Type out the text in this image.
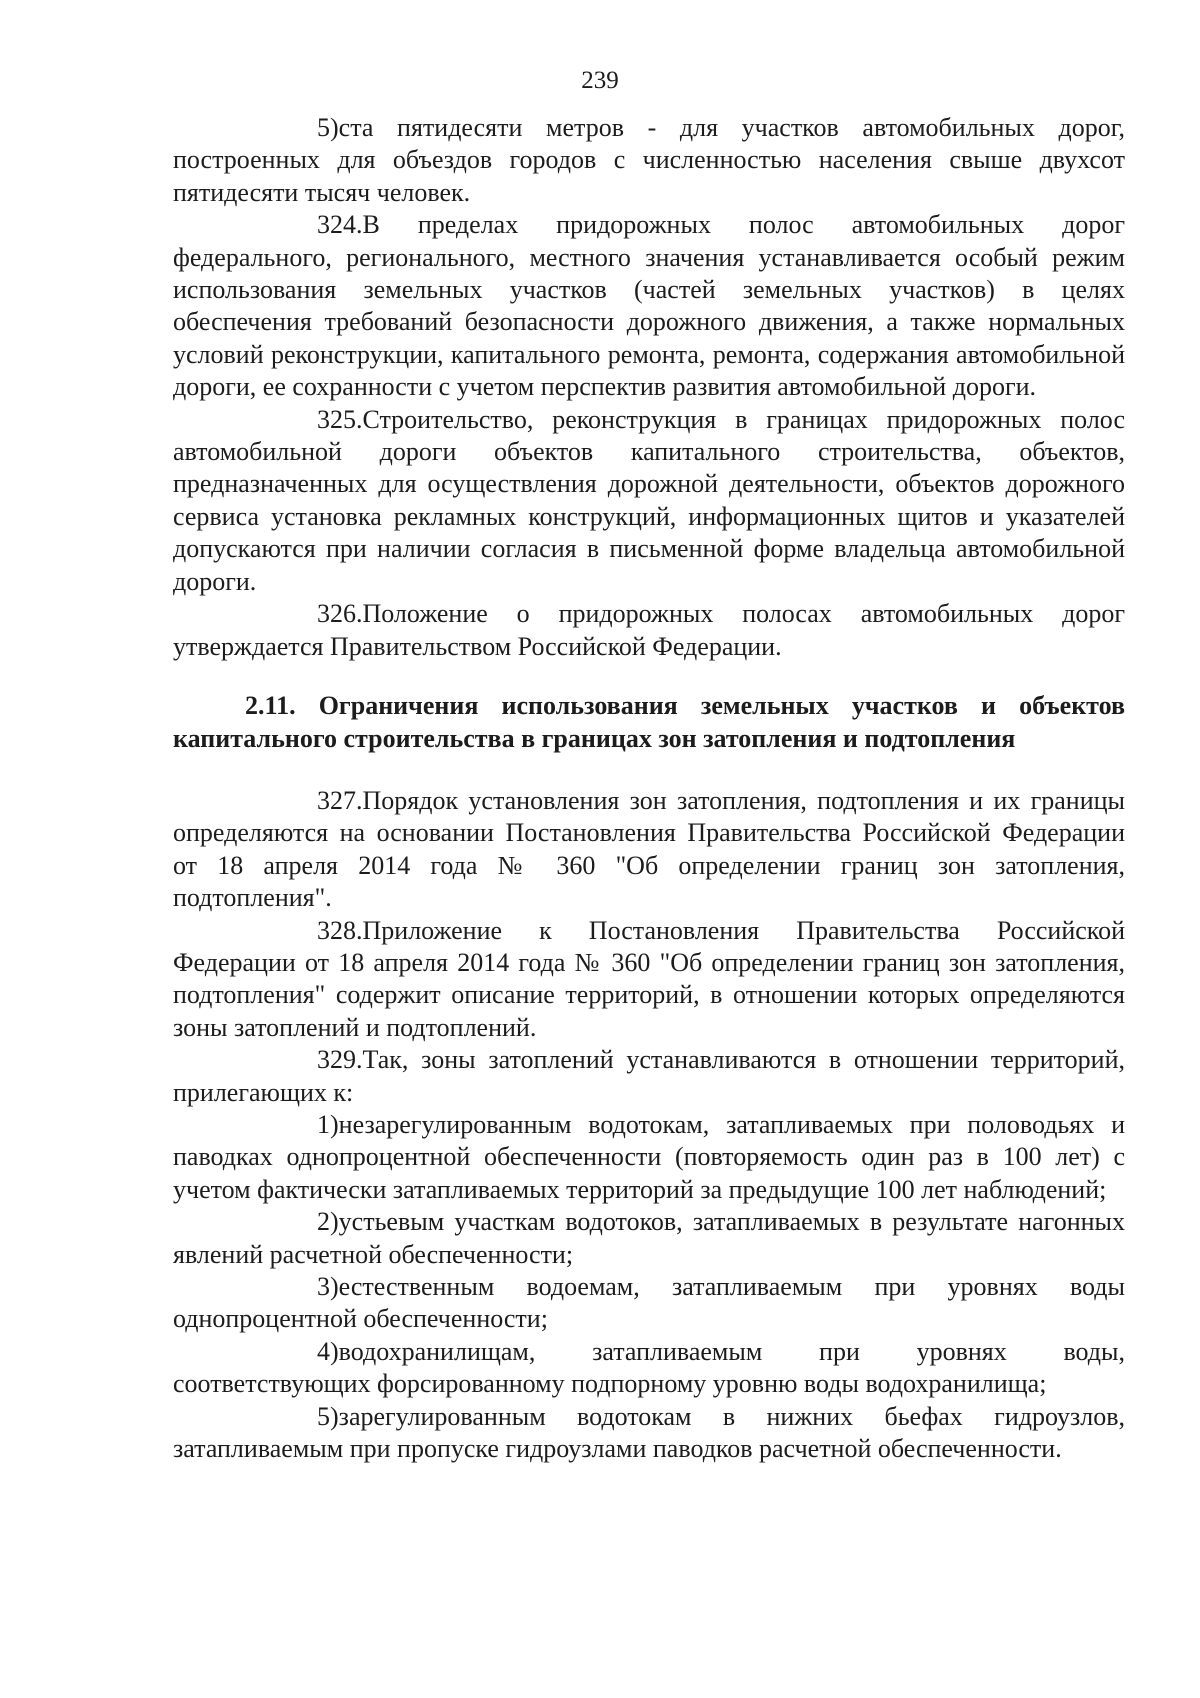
239

5)ста пятидесяти метров - для участков автомобильных дорог, построенных для объездов городов с численностью населения свыше двухсот пятидесяти тысяч человек.

324.В пределах придорожных полос автомобильных дорог федерального, регионального, местного значения устанавливается особый режим использования земельных участков (частей земельных участков) в целях обеспечения требований безопасности дорожного движения, а также нормальных условий реконструкции, капитального ремонта, ремонта, содержания автомобильной дороги, ее сохранности с учетом перспектив развития автомобильной дороги.

325.Строительство, реконструкция в границах придорожных полос автомобильной дороги объектов капитального строительства, объектов, предназначенных для осуществления дорожной деятельности, объектов дорожного сервиса установка рекламных конструкций, информационных щитов и указателей допускаются при наличии согласия в письменной форме владельца автомобильной дороги.

326.Положение о придорожных полосах автомобильных дорог утверждается Правительством Российской Федерации.

2.11. Ограничения использования земельных участков и объектов капитального строительства в границах зон затопления и подтопления

327.Порядок установления зон затопления, подтопления и их границы определяются на основании Постановления Правительства Российской Федерации от 18 апреля 2014 года № 360 "Об определении границ зон затопления, подтопления".

328.Приложение к Постановления Правительства Российской Федерации от 18 апреля 2014 года № 360 "Об определении границ зон затопления, подтопления" содержит описание территорий, в отношении которых определяются зоны затоплений и подтоплений.

329.Так, зоны затоплений устанавливаются в отношении территорий, прилегающих к:

1)незарегулированным водотокам, затапливаемых при половодьях и паводках однопроцентной обеспеченности (повторяемость один раз в 100 лет) с учетом фактически затапливаемых территорий за предыдущие 100 лет наблюдений;

2)устьевым участкам водотоков, затапливаемых в результате нагонных явлений расчетной обеспеченности;

3)естественным водоемам, затапливаемым при уровнях воды однопроцентной обеспеченности;

4)водохранилищам, затапливаемым при уровнях воды, соответствующих форсированному подпорному уровню воды водохранилища;

5)зарегулированным водотокам в нижних бьефах гидроузлов, затапливаемым при пропуске гидроузлами паводков расчетной обеспеченности.
